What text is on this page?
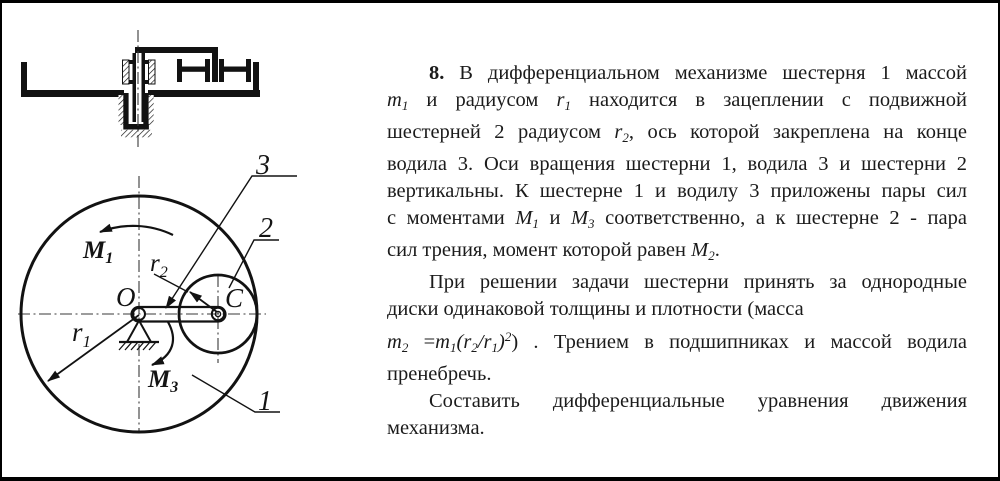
3
2
1
O	C
$r_1$
$r_2$
$M_1$
$M_3$
8. В дифференциальном механизме шестерня 1 массой
m1 и радиусом r1 находится в зацеплении с подвижной
шестерней 2 радиусом r2, ось которой закреплена на конце
водила 3. Оси вращения шестерни 1, водила 3 и шестерни 2
вертикальны. К шестерне 1 и водилу 3 приложены пары сил
с моментами M1 и M3 соответственно, а к шестерне 2 - пара
сил трения, момент которой равен M2.
При решении задачи шестерни принять за однородные
диски одинаковой толщины и плотности (масса
$m2 =m1(r2/r1)^2$) . Трением в подшипниках и массой водила
пренебречь.
Составить дифференциальные уравнения движения
механизма.
